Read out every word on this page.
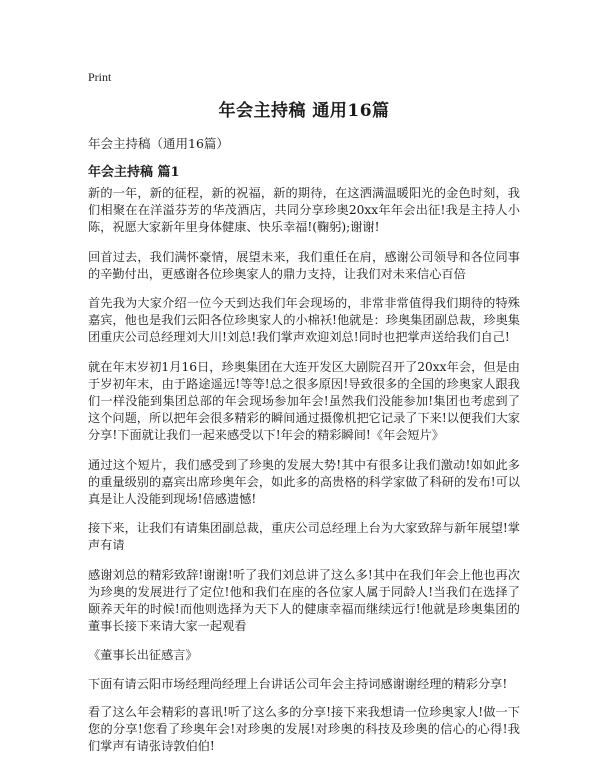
Print
年会主持稿 通用16篇
年会主持稿（通用16篇）
年会主持稿 篇1

新的一年，新的征程，新的祝福，新的期待，在这洒满温暖阳光的金色时刻，我们相聚在在洋溢芬芳的华茂酒店，共同分享珍奥20xx年年会出征!我是主持人小陈，祝愿大家新年里身体健康、快乐幸福!(鞠躬);谢谢!

回首过去，我们满怀豪情，展望未来，我们重任在肩，感谢公司领导和各位同事的辛勤付出，更感谢各位珍奥家人的鼎力支持，让我们对未来信心百倍

首先我为大家介绍一位今天到达我们年会现场的，非常非常值得我们期待的特殊嘉宾，他也是我们云阳各位珍奥家人的小棉袄!他就是：珍奥集团副总裁，珍奥集团重庆公司总经理刘大川!刘总!我们掌声欢迎刘总!同时也把掌声送给我们自己!

就在年末岁初1月16日，珍奥集团在大连开发区大剧院召开了20xx年会，但是由于岁初年末，由于路途遥远!等等!总之很多原因!导致很多的全国的珍奥家人跟我们一样没能到集团总部的年会现场参加年会!虽然我们没能参加!集团也考虑到了这个问题，所以把年会很多精彩的瞬间通过摄像机把它记录了下来!以便我们大家分享!下面就让我们一起来感受以下!年会的精彩瞬间!《年会短片》

通过这个短片，我们感受到了珍奥的发展大势!其中有很多让我们激动!如如此多的重量级别的嘉宾出席珍奥年会，如此多的高贵格的科学家做了科研的发布!可以真是让人没能到现场!倍感遗憾!

接下来，让我们有请集团副总裁，重庆公司总经理上台为大家致辞与新年展望!掌声有请

感谢刘总的精彩致辞!谢谢!听了我们刘总讲了这么多!其中在我们年会上他也再次为珍奥的发展进行了定位!他和我们在座的各位家人属于同龄人!当我们在选择了颐养天年的时候!而他则选择为天下人的健康幸福而继续远行!他就是珍奥集团的董事长接下来请大家一起观看

《董事长出征感言》

下面有请云阳市场经理尚经理上台讲话公司年会主持词感谢谢经理的精彩分享!

看了这么年会精彩的喜讯!听了这么多的分享!接下来我想请一位珍奥家人!做一下您的分享!您看了珍奥年会!对珍奥的发展!对珍奥的科技及珍奥的信心的心得!我们掌声有请张诗敦伯伯!
